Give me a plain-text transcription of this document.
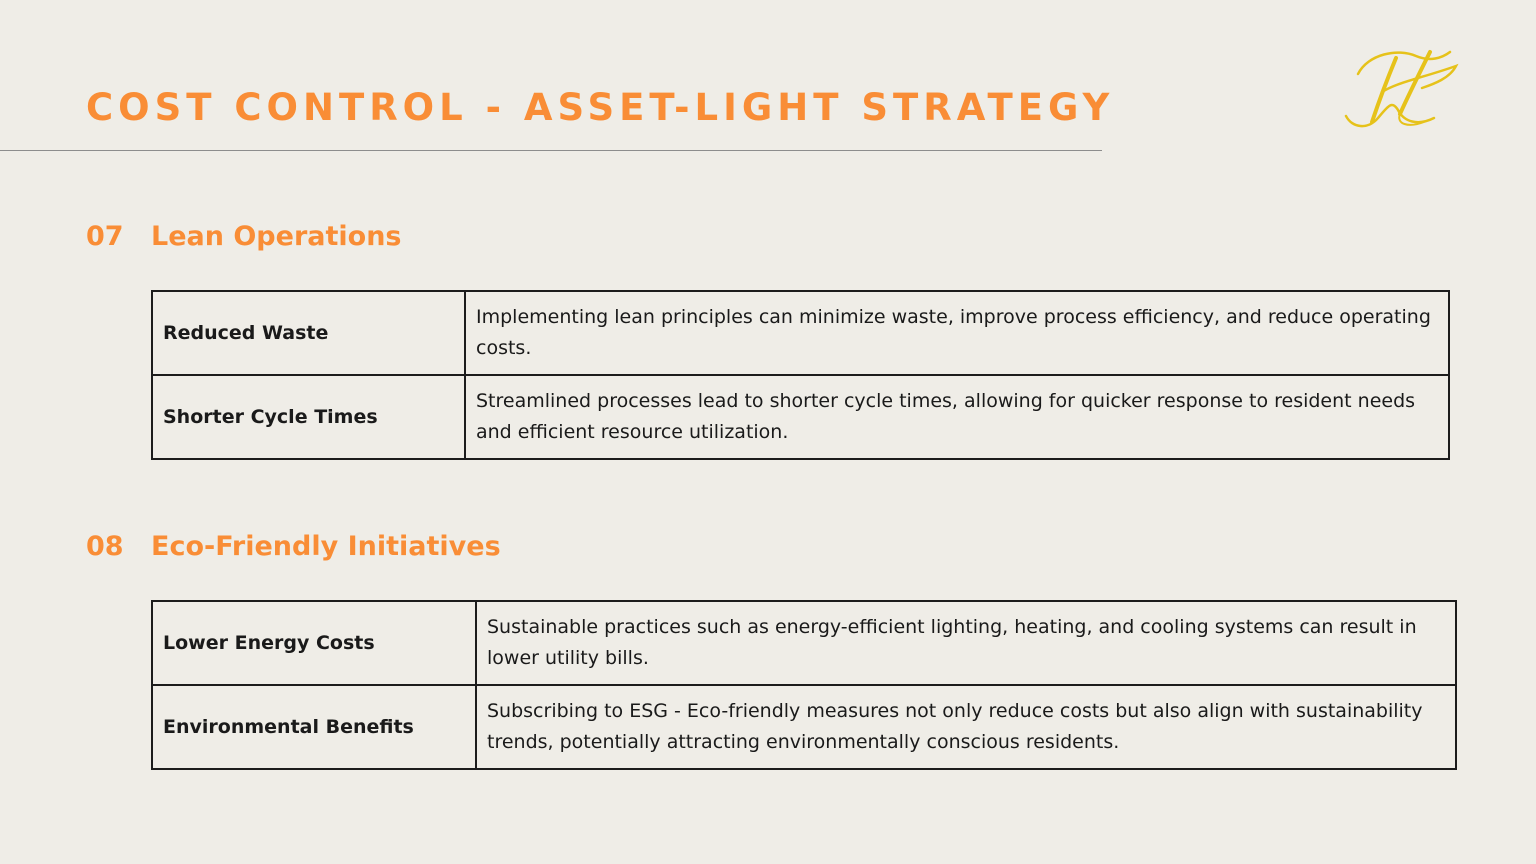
COST CONTROL - ASSET-LIGHT STRATEGY
07 Lean Operations
Reduced Waste	Implementing lean principles can minimize waste, improve process efficiency, and reduce operating costs.
Shorter Cycle Times	Streamlined processes lead to shorter cycle times, allowing for quicker response to resident needs and efficient resource utilization.
08 Eco-Friendly Initiatives
Lower Energy Costs	Sustainable practices such as energy-efficient lighting, heating, and cooling systems can result in lower utility bills.
Environmental Benefits	Subscribing to ESG - Eco-friendly measures not only reduce costs but also align with sustainability trends, potentially attracting environmentally conscious residents.
